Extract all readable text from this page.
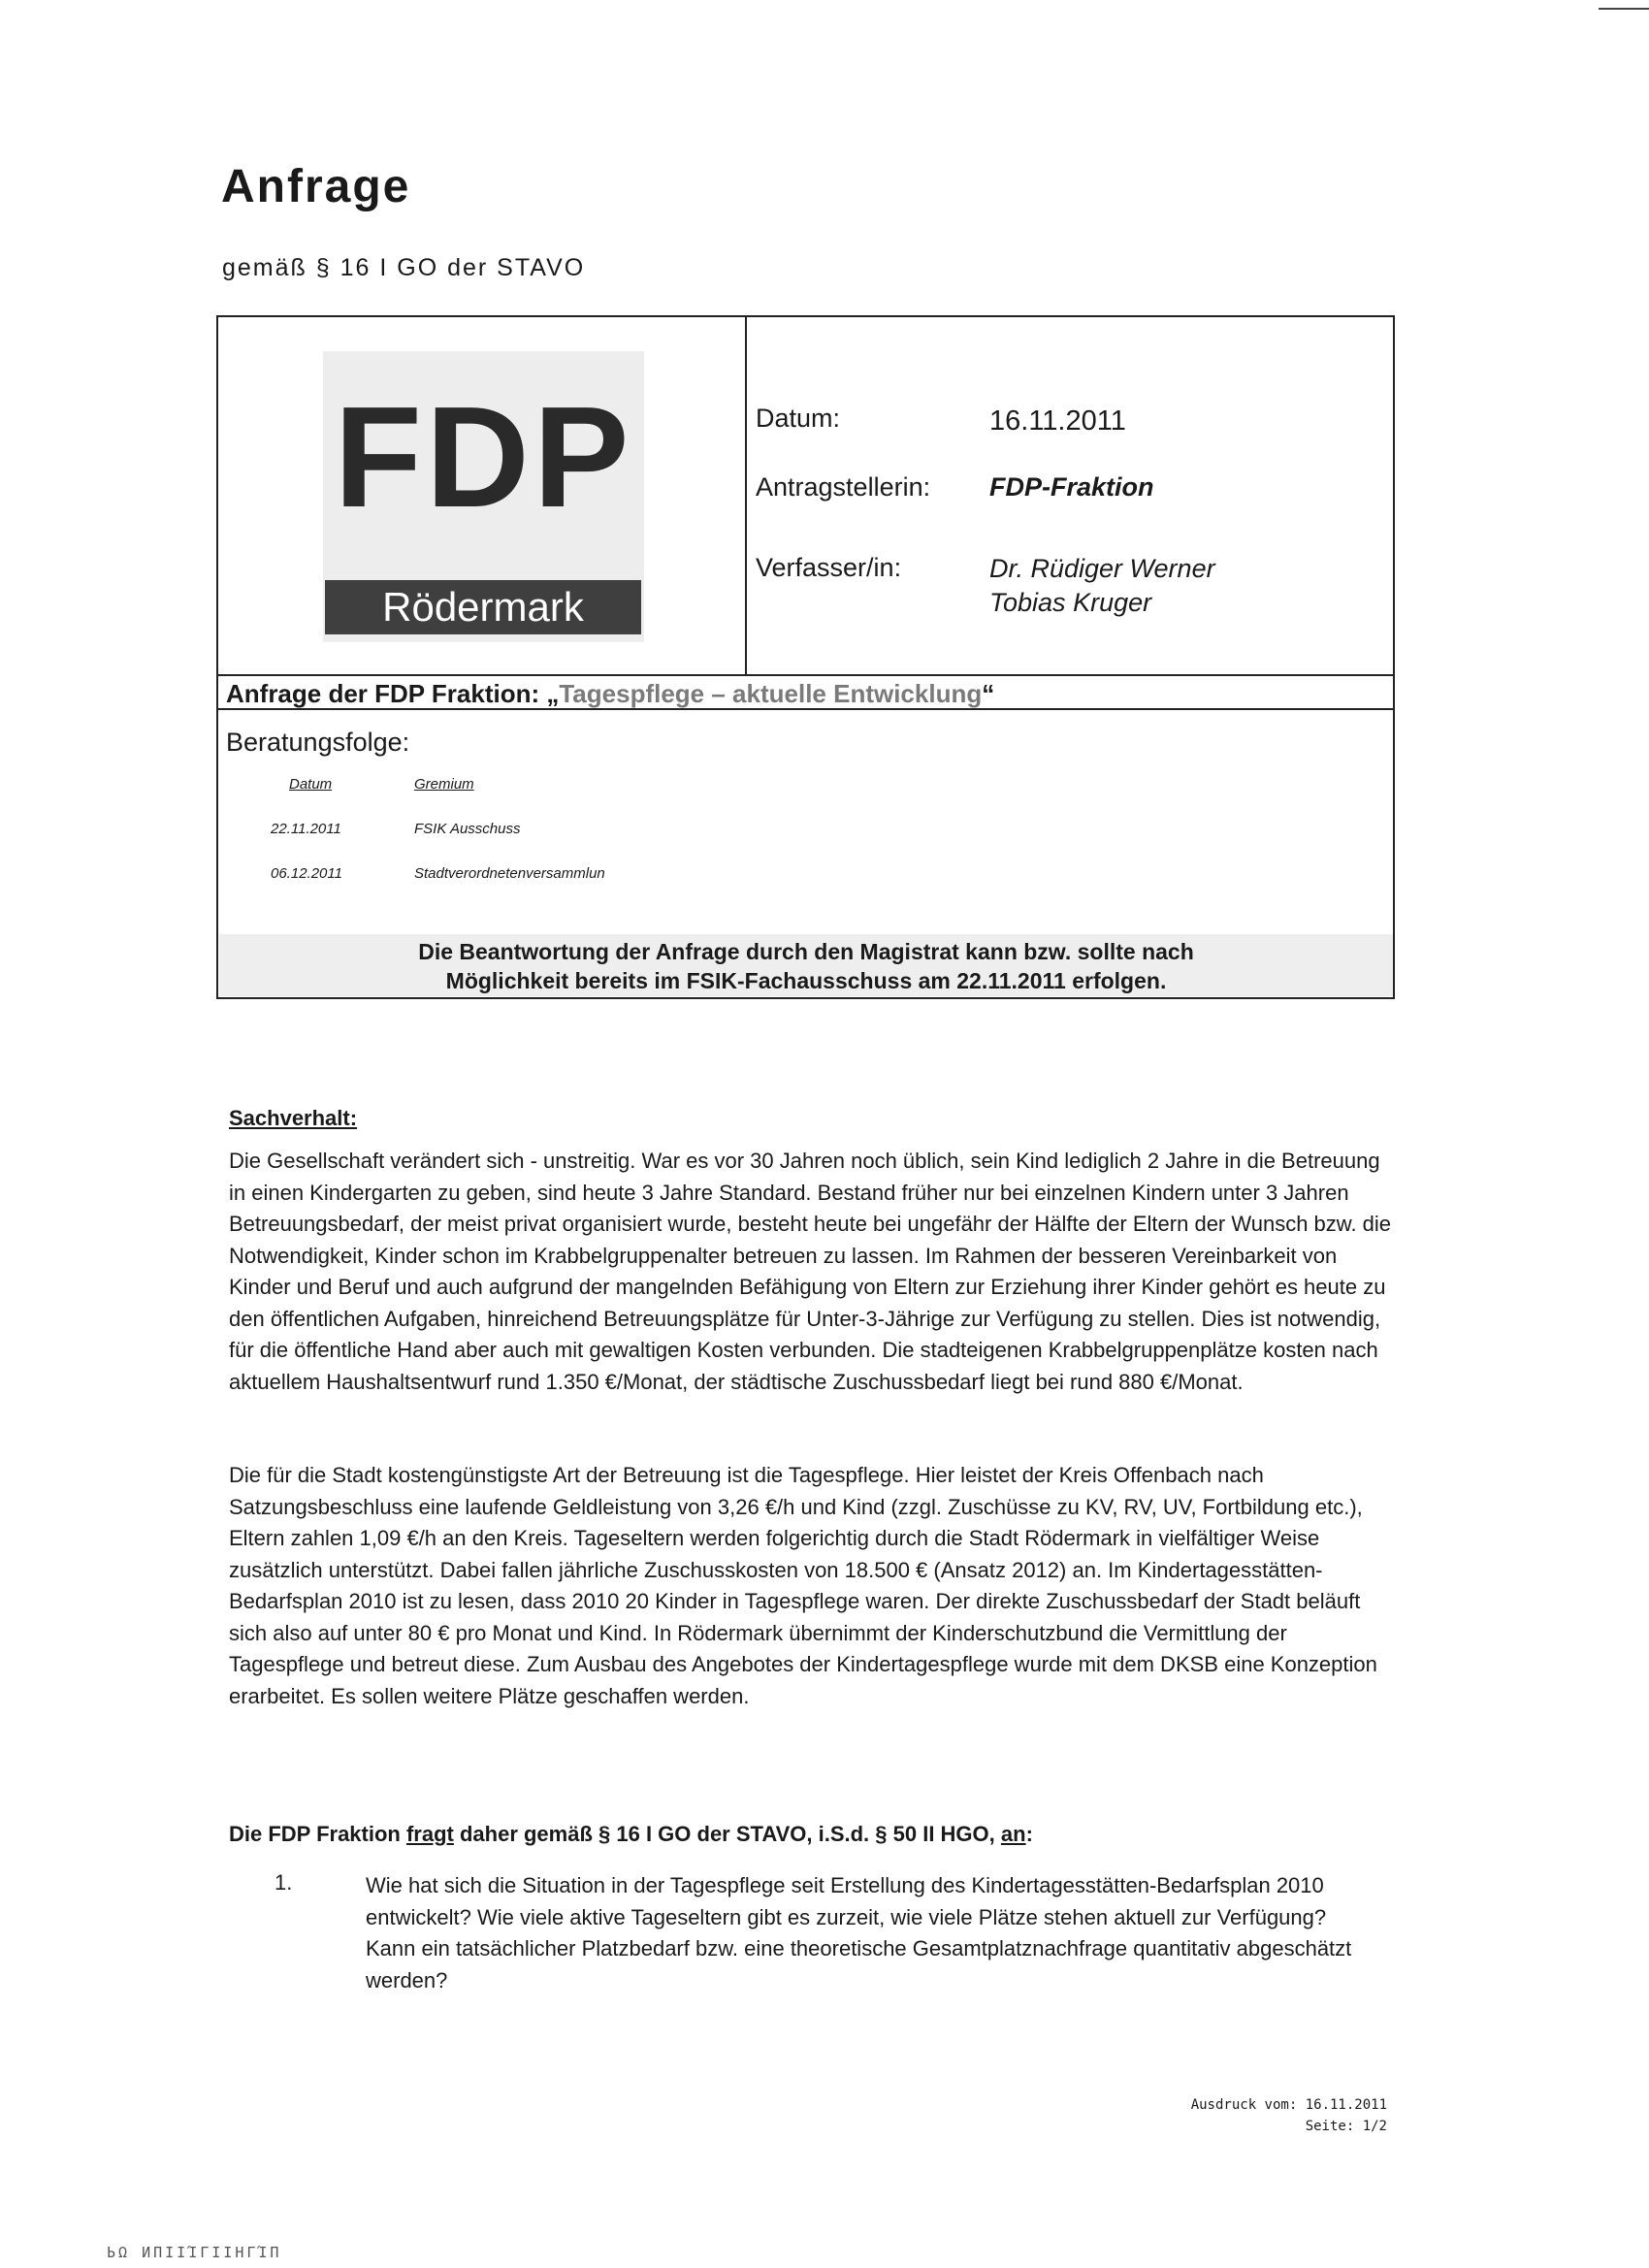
Anfrage
gemäß § 16 I GO der STAVO
FDP
Rödermark
Datum:	16.11.2011
Antragstellerin: FDP-Fraktion
Verfasser/in:	Dr. Rüdiger Werner
Tobias Kruger
Anfrage der FDP Fraktion: „Tagespflege – aktuelle Entwicklung“
Beratungsfolge:
Datum	Gremium
22.11.2011	FSIK Ausschuss
06.12.2011	Stadtverordnetenversammlun
Die Beantwortung der Anfrage durch den Magistrat kann bzw. sollte nach
Möglichkeit bereits im FSIK-Fachausschuss am 22.11.2011 erfolgen.
Sachverhalt:
Die Gesellschaft verändert sich - unstreitig. War es vor 30 Jahren noch üblich, sein Kind lediglich 2 Jahre in die Betreuung in einen Kindergarten zu geben, sind heute 3 Jahre Standard. Bestand früher nur bei einzelnen Kindern unter 3 Jahren Betreuungsbedarf, der meist privat organisiert wurde, besteht heute bei ungefähr der Hälfte der Eltern der Wunsch bzw. die Notwendigkeit, Kinder schon im Krabbelgruppenalter betreuen zu lassen. Im Rahmen der besseren Vereinbarkeit von Kinder und Beruf und auch aufgrund der mangelnden Befähigung von Eltern zur Erziehung ihrer Kinder gehört es heute zu den öffentlichen Aufgaben, hinreichend Betreuungsplätze für Unter-3-Jährige zur Verfügung zu stellen. Dies ist notwendig, für die öffentliche Hand aber auch mit gewaltigen Kosten verbunden. Die stadteigenen Krabbelgruppenplätze kosten nach aktuellem Haushaltsentwurf rund 1.350 €/Monat, der städtische Zuschussbedarf liegt bei rund 880 €/Monat.
Die für die Stadt kostengünstigste Art der Betreuung ist die Tagespflege. Hier leistet der Kreis Offenbach nach Satzungsbeschluss eine laufende Geldleistung von 3,26 €/h und Kind (zzgl. Zuschüsse zu KV, RV, UV, Fortbildung etc.), Eltern zahlen 1,09 €/h an den Kreis. Tageseltern werden folgerichtig durch die Stadt Rödermark in vielfältiger Weise zusätzlich unterstützt. Dabei fallen jährliche Zuschusskosten von 18.500 € (Ansatz 2012) an. Im Kindertagesstätten-Bedarfsplan 2010 ist zu lesen, dass 2010 20 Kinder in Tagespflege waren. Der direkte Zuschussbedarf der Stadt beläuft sich also auf unter 80 € pro Monat und Kind. In Rödermark übernimmt der Kinderschutzbund die Vermittlung der Tagespflege und betreut diese. Zum Ausbau des Angebotes der Kindertagespflege wurde mit dem DKSB eine Konzeption erarbeitet. Es sollen weitere Plätze geschaffen werden.
Die FDP Fraktion fragt daher gemäß § 16 I GO der STAVO, i.S.d. § 50 II HGO, an:
1.	Wie hat sich die Situation in der Tagespflege seit Erstellung des Kindertagesstätten-Bedarfsplan 2010 entwickelt? Wie viele aktive Tageseltern gibt es zurzeit, wie viele Plätze stehen aktuell zur Verfügung? Kann ein tatsächlicher Platzbedarf bzw. eine theoretische Gesamtplatznachfrage quantitativ abgeschätzt werden?
Ausdruck vom: 16.11.2011
Seite: 1/2
ЬΩ ИΠΙΙΊΓΙΙΗΓΊΠ
